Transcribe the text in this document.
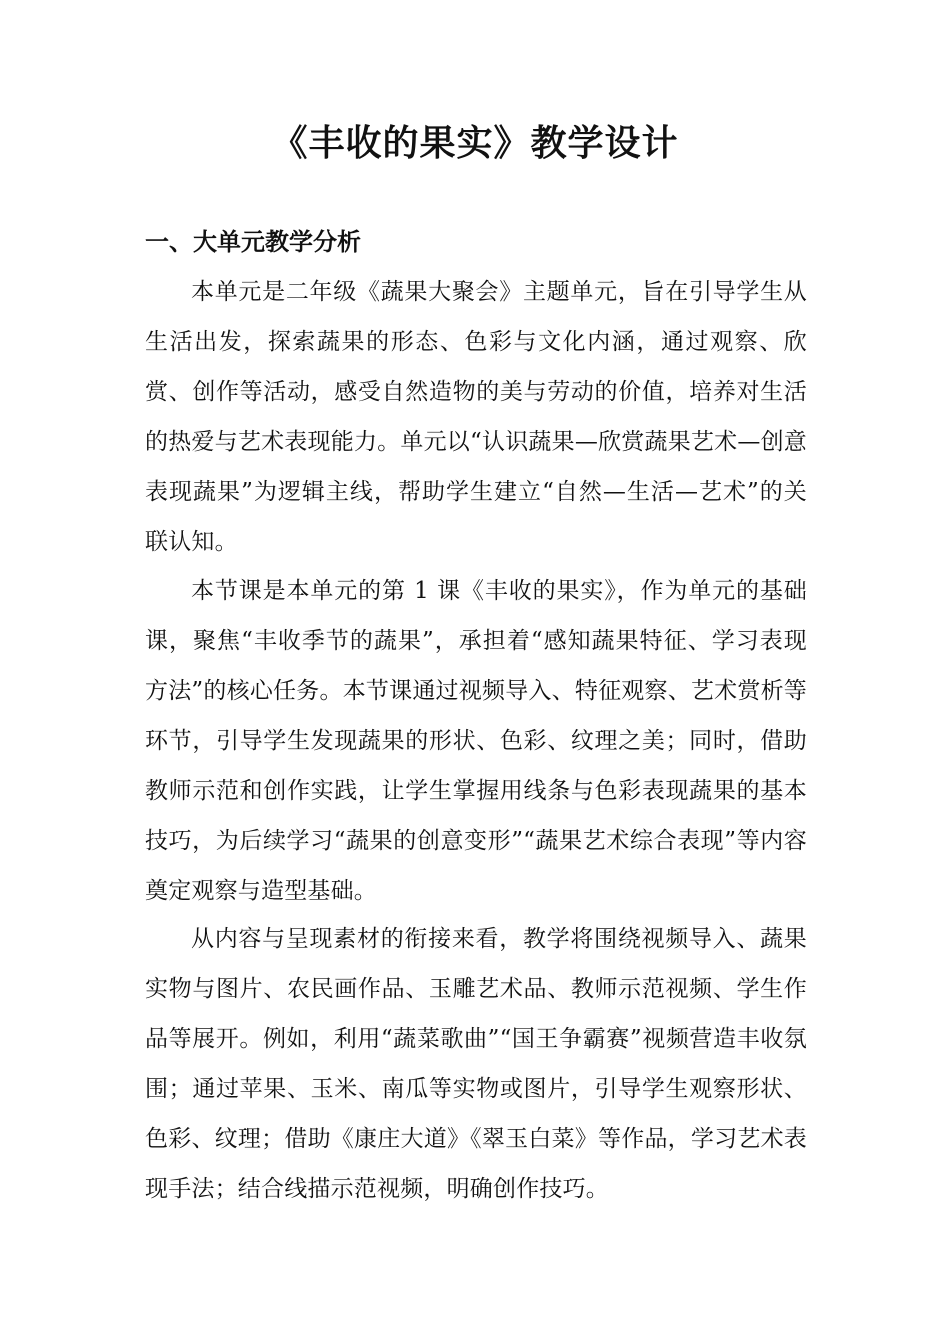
《丰收的果实》教学设计
一、大单元教学分析

本单元是二年级《蔬果大聚会》主题单元，旨在引导学生从生活出发，探索蔬果的形态、色彩与文化内涵，通过观察、欣赏、创作等活动，感受自然造物的美与劳动的价值，培养对生活的热爱与艺术表现能力。单元以“认识蔬果—欣赏蔬果艺术—创意表现蔬果”为逻辑主线，帮助学生建立“自然—生活—艺术”的关联认知。

本节课是本单元的第 1 课《丰收的果实》，作为单元的基础课，聚焦“丰收季节的蔬果”，承担着“感知蔬果特征、学习表现方法”的核心任务。本节课通过视频导入、特征观察、艺术赏析等环节，引导学生发现蔬果的形状、色彩、纹理之美；同时，借助教师示范和创作实践，让学生掌握用线条与色彩表现蔬果的基本技巧，为后续学习“蔬果的创意变形”“蔬果艺术综合表现”等内容奠定观察与造型基础。

从内容与呈现素材的衔接来看，教学将围绕视频导入、蔬果实物与图片、农民画作品、玉雕艺术品、教师示范视频、学生作品等展开。例如，利用“蔬菜歌曲”“国王争霸赛”视频营造丰收氛围；通过苹果、玉米、南瓜等实物或图片，引导学生观察形状、色彩、纹理；借助《康庄大道》《翠玉白菜》等作品，学习艺术表现手法；结合线描示范视频，明确创作技巧。
